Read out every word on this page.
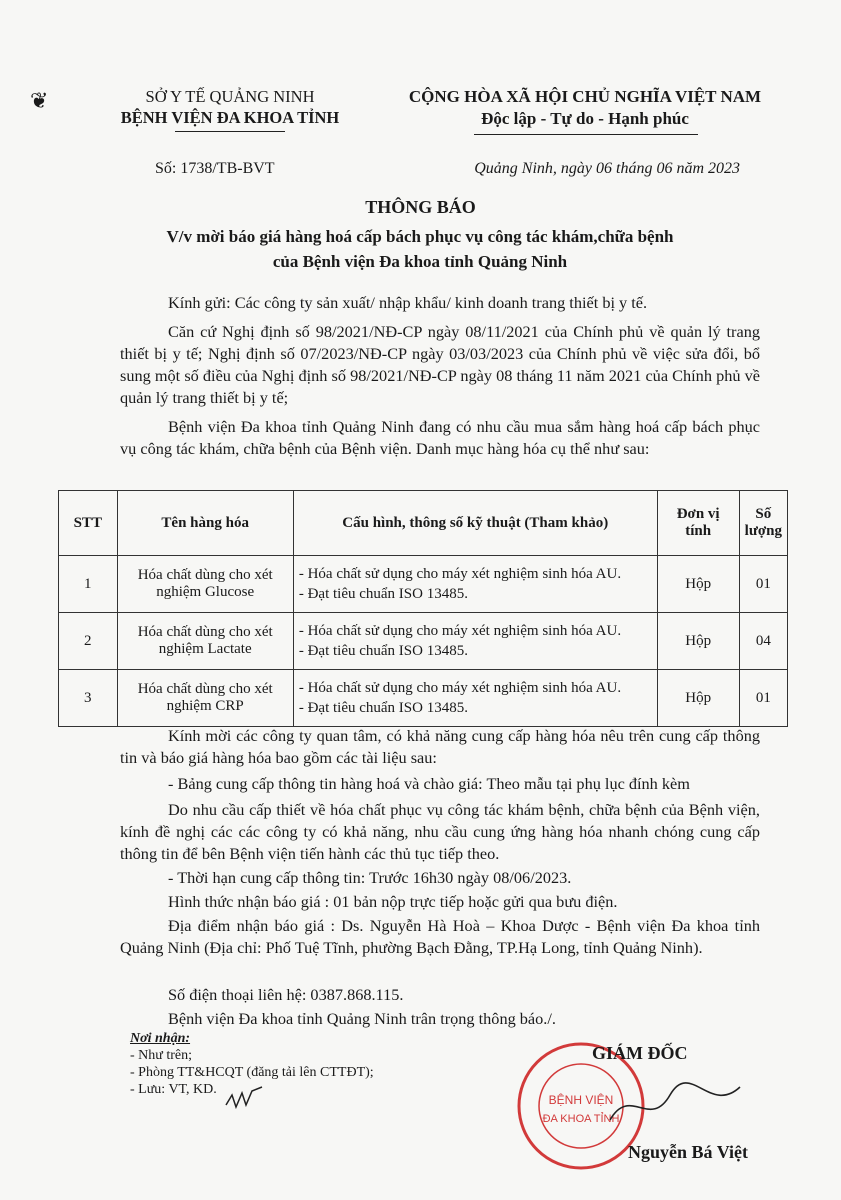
❦	SỞ Y TẾ QUẢNG NINH
BỆNH VIỆN ĐA KHOA TỈNH
CỘNG HÒA XÃ HỘI CHỦ NGHĨA VIỆT NAM
Độc lập - Tự do - Hạnh phúc
Số: 1738/TB-BVT	Quảng Ninh, ngày 06 tháng 06 năm 2023
THÔNG BÁO
V/v mời báo giá hàng hoá cấp bách phục vụ công tác khám,chữa bệnh
của Bệnh viện Đa khoa tỉnh Quảng Ninh
Kính gửi: Các công ty sản xuất/ nhập khẩu/ kinh doanh trang thiết bị y tế.
Căn cứ Nghị định số 98/2021/NĐ-CP ngày 08/11/2021 của Chính phủ về quản lý trang thiết bị y tế; Nghị định số 07/2023/NĐ-CP ngày 03/03/2023 của Chính phủ về việc sửa đổi, bổ sung một số điều của Nghị định số 98/2021/NĐ-CP ngày 08 tháng 11 năm 2021 của Chính phủ về quản lý trang thiết bị y tế;
Bệnh viện Đa khoa tỉnh Quảng Ninh đang có nhu cầu mua sắm hàng hoá cấp bách phục vụ công tác khám, chữa bệnh của Bệnh viện. Danh mục hàng hóa cụ thể như sau:
STT	Tên hàng hóa	Cấu hình, thông số kỹ thuật (Tham khảo)	Đơn vị tính	Số lượng
1	Hóa chất dùng cho xét nghiệm Glucose	- Hóa chất sử dụng cho máy xét nghiệm sinh hóa AU.
- Đạt tiêu chuẩn ISO 13485.	Hộp	01
2	Hóa chất dùng cho xét nghiệm Lactate	- Hóa chất sử dụng cho máy xét nghiệm sinh hóa AU.
- Đạt tiêu chuẩn ISO 13485.	Hộp	04
3	Hóa chất dùng cho xét nghiệm CRP	- Hóa chất sử dụng cho máy xét nghiệm sinh hóa AU.
- Đạt tiêu chuẩn ISO 13485.	Hộp	01
Kính mời các công ty quan tâm, có khả năng cung cấp hàng hóa nêu trên cung cấp thông tin và báo giá hàng hóa bao gồm các tài liệu sau:
- Bảng cung cấp thông tin hàng hoá và chào giá: Theo mẫu tại phụ lục đính kèm
Do nhu cầu cấp thiết về hóa chất phục vụ công tác khám bệnh, chữa bệnh của Bệnh viện, kính đề nghị các các công ty có khả năng, nhu cầu cung ứng hàng hóa nhanh chóng cung cấp thông tin để bên Bệnh viện tiến hành các thủ tục tiếp theo.
- Thời hạn cung cấp thông tin: Trước 16h30 ngày 08/06/2023.
Hình thức nhận báo giá : 01 bản nộp trực tiếp hoặc gửi qua bưu điện.
Địa điểm nhận báo giá : Ds. Nguyễn Hà Hoà – Khoa Dược - Bệnh viện Đa khoa tỉnh Quảng Ninh (Địa chỉ: Phố Tuệ Tĩnh, phường Bạch Đằng, TP.Hạ Long, tỉnh Quảng Ninh).
Số điện thoại liên hệ: 0387.868.115.
Bệnh viện Đa khoa tỉnh Quảng Ninh trân trọng thông báo./.
Nơi nhận:
- Như trên;
- Phòng TT&HCQT (đăng tải lên CTTĐT);
- Lưu: VT, KD.
BỆNH VIỆN
ĐA KHOA TỈNH
GIÁM ĐỐC
Nguyễn Bá Việt
